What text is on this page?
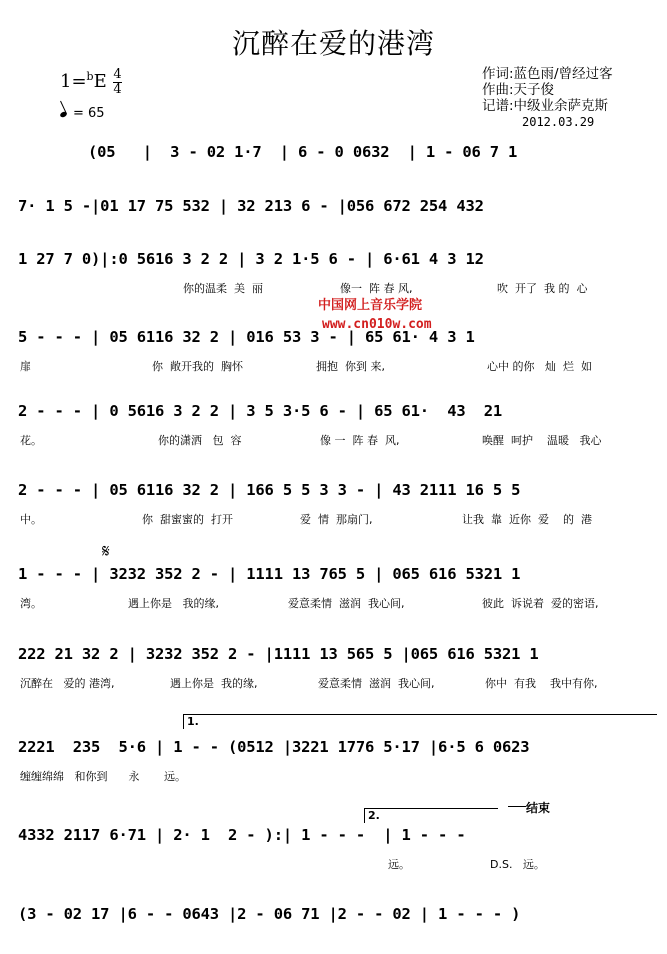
沉醉在爱的港湾
1=$^b$E 4
4
= 65
作词:蓝色雨/曾经过客
作曲:天子俊
记谱:中级业余萨克斯
2012.03.29
中国网上音乐学院
www.cn010w.com
𝄋
1.
2.
结束
(05   |  3 - 02 1·7  | 6 - 0 0632  | 1 - 06 7 1
7· 1 5 -|01 17 75 532 | 32 213 6 - |056 672 254 432
1 27 7 0)|:0 5616 3 2 2 | 3 2 1·5 6 - | 6·61 4 3 12
你的温柔  美  丽	像一  阵 春 风,	吹  开了  我 的  心
5 - - - | 05 6116 32 2 | 016 53 3 - | 65 61· 4 3 1
扉	你  敞开我的  胸怀	拥抱  你到 来,	心中 的你   灿  烂  如
2 - - - | 0 5616 3 2 2 | 3 5 3·5 6 - | 65 61·  43  21
花。	你的潇洒   包  容	像 一  阵 春  风,	唤醒  呵护    温暖   我心
2 - - - | 05 6116 32 2 | 166 5 5 3 3 - | 43 2111 16 5 5
中。	你  甜蜜蜜的  打开	爱  情  那扇门,	让我  靠  近你  爱    的  港
1 - - - | 3232 352 2 - | 1111 13 765 5 | 065 616 5321 1
湾。	遇上你是   我的缘,	爱意柔情  滋润  我心间,	彼此  诉说着  爱的密语,
222 21 32 2 | 3232 352 2 - |1111 13 565 5 |065 616 5321 1
沉醉在   爱的 港湾,	遇上你是  我的缘,	爱意柔情  滋润  我心间,	你中  有我    我中有你,
2221  235  5·6 | 1 - - (0512 |3221 1776 5·17 |6·5 6 0623
缠缠绵绵   和你到      永       远。
4332 2117 6·71 | 2· 1  2 - ):| 1 - - -  | 1 - - -
远。	D.S.   远。
(3 - 02 17 |6 - - 0643 |2 - 06 71 |2 - - 02 | 1 - - - )
